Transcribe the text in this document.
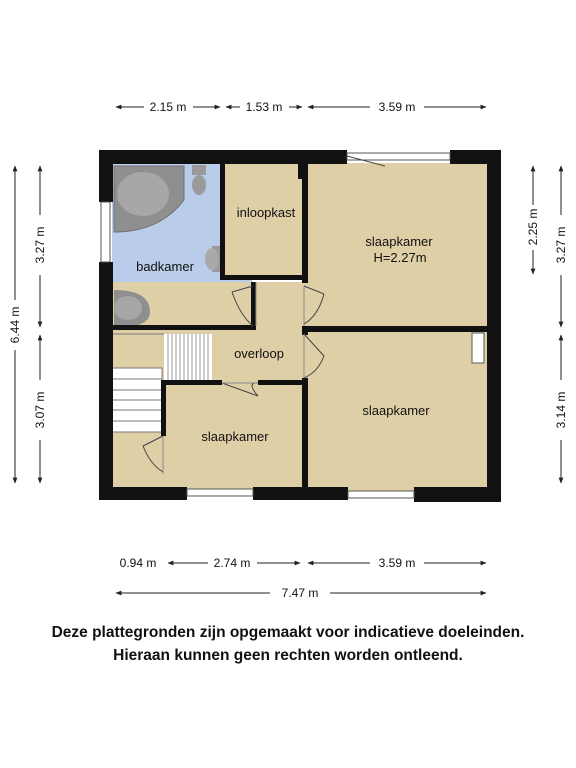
badkamer
inloopkast
slaapkamer
H=2.27m
overloop
slaapkamer
slaapkamer
2.15 m	1.53 m	3.59 m
0.94 m	2.74 m	3.59 m
7.47 m
6.44 m
3.27 m
3.07 m
2.25 m 3.27 m
3.14 m
Deze plattegronden zijn opgemaakt voor indicatieve doeleinden.
Hieraan kunnen geen rechten worden ontleend.
